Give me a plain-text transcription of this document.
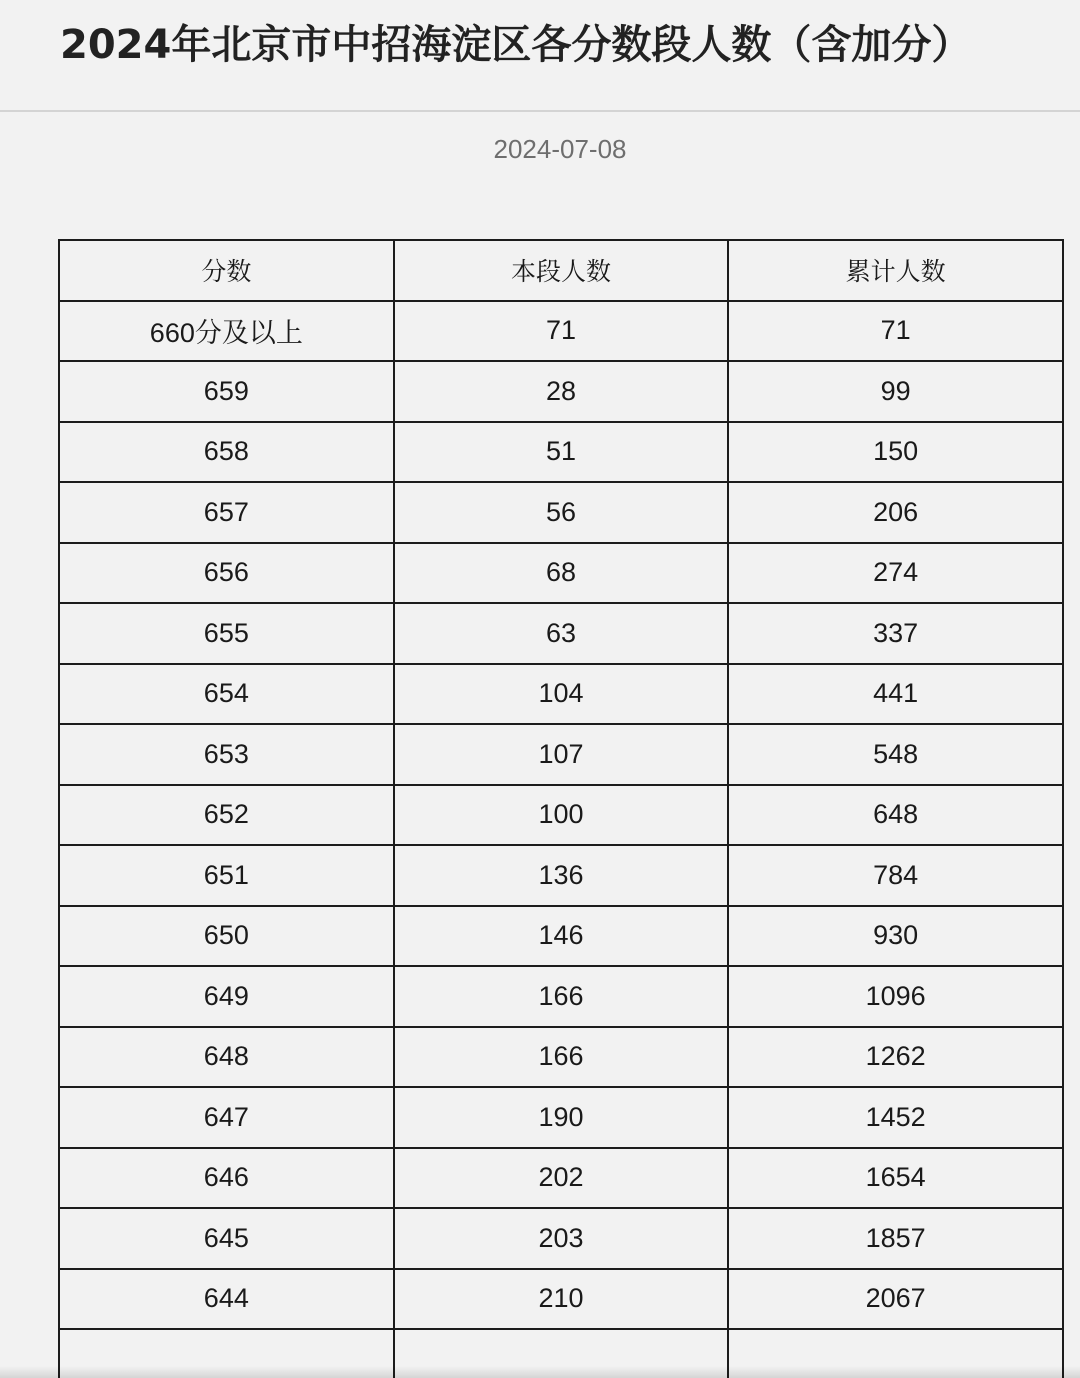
2024年北京市中招海淀区各分数段人数（含加分）
2024-07-08
分数	本段人数	累计人数
660分及以上	71	71
659	28	99
658	51	150
657	56	206
656	68	274
655	63	337
654	104	441
653	107	548
652	100	648
651	136	784
650	146	930
649	166	1096
648	166	1262
647	190	1452
646	202	1654
645	203	1857
644	210	2067
